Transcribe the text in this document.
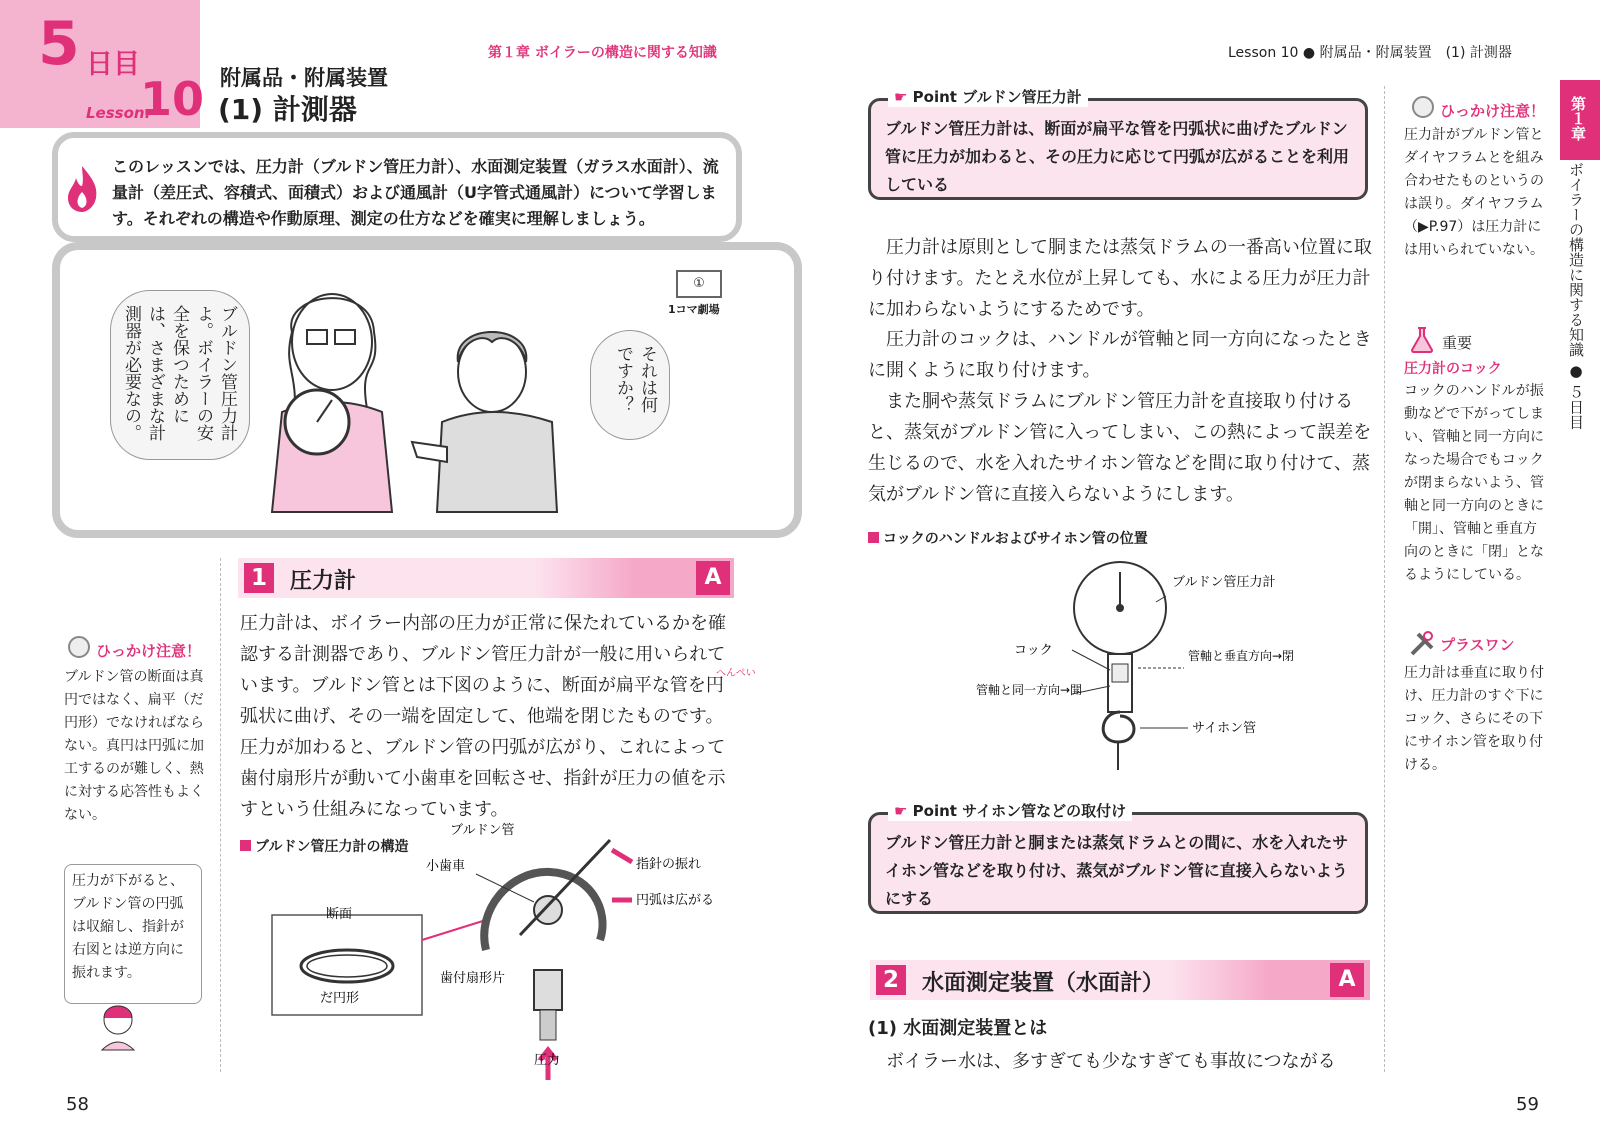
5 日目
Lesson.
10 附属品・附属装置
(1) 計測器
第１章 ボイラーの構造に関する知識	Lesson 10 ● 附属品・附属装置　(1) 計測器
このレッスンでは、圧力計（ブルドン管圧力計）、水面測定装置（ガラス水面計）、流量計（差圧式、容積式、面積式）および通風計（U字管式通風計）について学習します。それぞれの構造や作動原理、測定の仕方などを確実に理解しましょう。
ブルドン管圧力計よ。ボイラーの安全を保つためには、さまざまな計測器が必要なの。	それは何ですか？
①
1コマ劇場
1	圧力計	A
へんぺい
圧力計は、ボイラー内部の圧力が正常に保たれているかを確認する計測器であり、ブルドン管圧力計が一般に用いられています。ブルドン管とは下図のように、断面が扁平な管を円弧状に曲げ、その一端を固定して、他端を閉じたものです。圧力が加わると、ブルドン管の円弧が広がり、これによって歯付扇形片が動いて小歯車を回転させ、指針が圧力の値を示すという仕組みになっています。
ブルドン管圧力計の構造
ブルドン管
小歯車	指針の振れ
円弧は広がる
断面
だ円形
歯付扇形片
圧力
ひっかけ注意！
ブルドン管の断面は真円ではなく、扁平（だ円形）でなければならない。真円は円弧に加工するのが難しく、熱に対する応答性もよくない。
圧力が下がると、ブルドン管の円弧は収縮し、指針が右図とは逆方向に振れます。
ブルドン管圧力計は、断面が扁平な管を円弧状に曲げたブルドン管に圧力が加わると、その圧力に応じて円弧が広がることを利用している
☛ Point ブルドン管圧力計
圧力計は原則として胴または蒸気ドラムの一番高い位置に取り付けます。たとえ水位が上昇しても、水による圧力が圧力計に加わらないようにするためです。
圧力計のコックは、ハンドルが管軸と同一方向になったときに開くように取り付けます。
また胴や蒸気ドラムにブルドン管圧力計を直接取り付けると、蒸気がブルドン管に入ってしまい、この熱によって誤差を生じるので、水を入れたサイホン管などを間に取り付けて、蒸気がブルドン管に直接入らないようにします。
コックのハンドルおよびサイホン管の位置
ブルドン管圧力計
コック	管軸と垂直方向→閉
管軸と同一方向→開
サイホン管
ブルドン管圧力計と胴または蒸気ドラムとの間に、水を入れたサイホン管などを取り付け、蒸気がブルドン管に直接入らないようにする
☛ Point サイホン管などの取付け
2	水面測定装置（水面計）	A
(1) 水面測定装置とは
ボイラー水は、多すぎても少なすぎても事故につながる
ひっかけ注意！
圧力計がブルドン管とダイヤフラムとを組み合わせたものというのは誤り。ダイヤフラム（▶P.97）は圧力計には用いられていない。
重要
圧力計のコック
コックのハンドルが振動などで下がってしまい、管軸と同一方向になった場合でもコックが閉まらないよう、管軸と同一方向のときに「開」、管軸と垂直方向のときに「閉」となるようにしている。
プラスワン
圧力計は垂直に取り付け、圧力計のすぐ下にコック、さらにその下にサイホン管を取り付ける。
第１章
ボイラーの構造に関する知識 ● ５日目
58	59
